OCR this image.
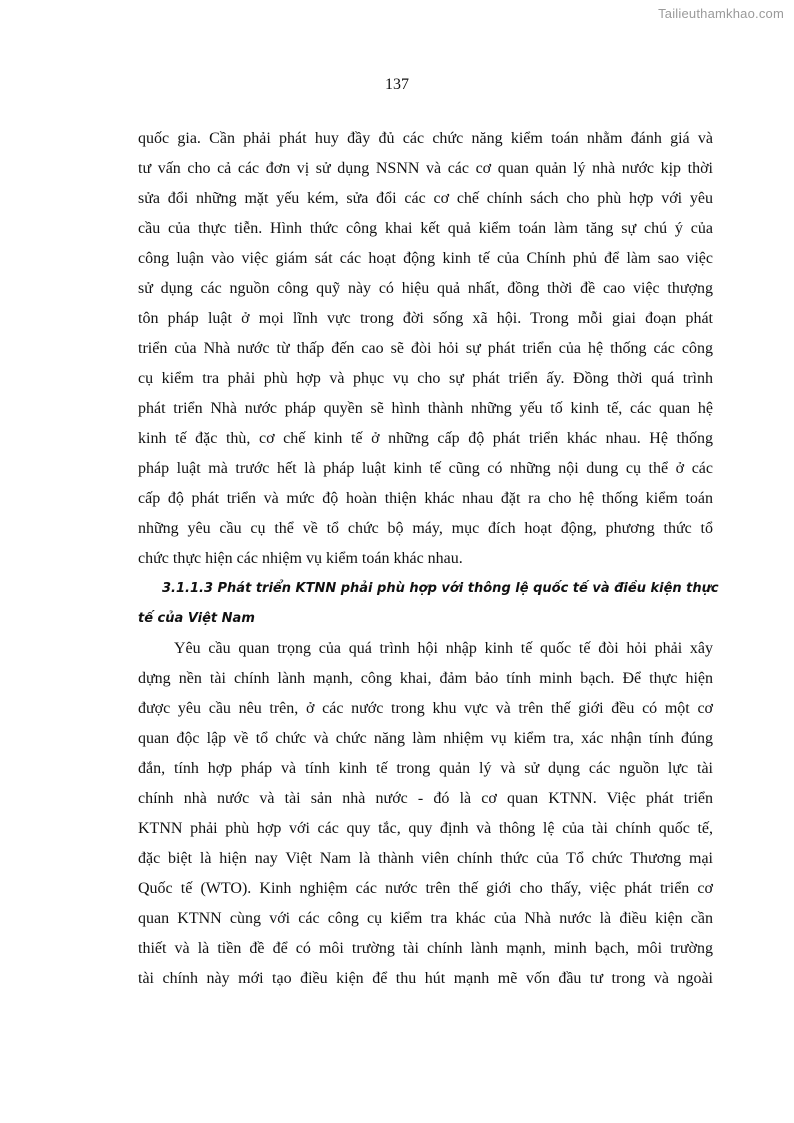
Tailieuthamkhao.com
137
quốc gia. Cần phải phát huy đầy đủ các chức năng kiểm toán nhằm đánh giá và
tư vấn cho cả các đơn vị sử dụng NSNN và các cơ quan quản lý nhà nước kịp thời
sửa đổi những mặt yếu kém, sửa đổi các cơ chế chính sách cho phù hợp với yêu
cầu của thực tiễn. Hình thức công khai kết quả kiểm toán làm tăng sự chú ý của
công luận vào việc giám sát các hoạt động kinh tế của Chính phủ để làm sao việc
sử dụng các nguồn công quỹ này có hiệu quả nhất, đồng thời đề cao việc thượng
tôn pháp luật ở mọi lĩnh vực trong đời sống xã hội. Trong mỗi giai đoạn phát
triển của Nhà nước từ thấp đến cao sẽ đòi hỏi sự phát triển của hệ thống các công
cụ kiểm tra phải phù hợp và phục vụ cho sự phát triển ấy. Đồng thời quá trình
phát triển Nhà nước pháp quyền sẽ hình thành những yếu tố kinh tế, các quan hệ
kinh tế đặc thù, cơ chế kinh tế ở những cấp độ phát triển khác nhau. Hệ thống
pháp luật mà trước hết là pháp luật kinh tế cũng có những nội dung cụ thể ở các
cấp độ phát triển và mức độ hoàn thiện khác nhau đặt ra cho hệ thống kiểm toán
những yêu cầu cụ thể về tổ chức bộ máy, mục đích hoạt động, phương thức tổ
chức thực hiện các nhiệm vụ kiểm toán khác nhau.
3.1.1.3 Phát triển KTNN phải phù hợp với thông lệ quốc tế và điều kiện thực
tế của Việt Nam
Yêu cầu quan trọng của quá trình hội nhập kinh tế quốc tế đòi hỏi phải xây
dựng nền tài chính lành mạnh, công khai, đảm bảo tính minh bạch. Để thực hiện
được yêu cầu nêu trên, ở các nước trong khu vực và trên thế giới đều có một cơ
quan độc lập về tổ chức và chức năng làm nhiệm vụ kiểm tra, xác nhận tính đúng
đắn, tính hợp pháp và tính kinh tế trong quản lý và sử dụng các nguồn lực tài
chính nhà nước và tài sản nhà nước - đó là cơ quan KTNN. Việc phát triển
KTNN phải phù hợp với các quy tắc, quy định và thông lệ của tài chính quốc tế,
đặc biệt là hiện nay Việt Nam là thành viên chính thức của Tổ chức Thương mại
Quốc tế (WTO). Kinh nghiệm các nước trên thế giới cho thấy, việc phát triển cơ
quan KTNN cùng với các công cụ kiểm tra khác của Nhà nước là điều kiện cần
thiết và là tiền đề để có môi trường tài chính lành mạnh, minh bạch, môi trường
tài chính này mới tạo điều kiện để thu hút mạnh mẽ vốn đầu tư trong và ngoài
